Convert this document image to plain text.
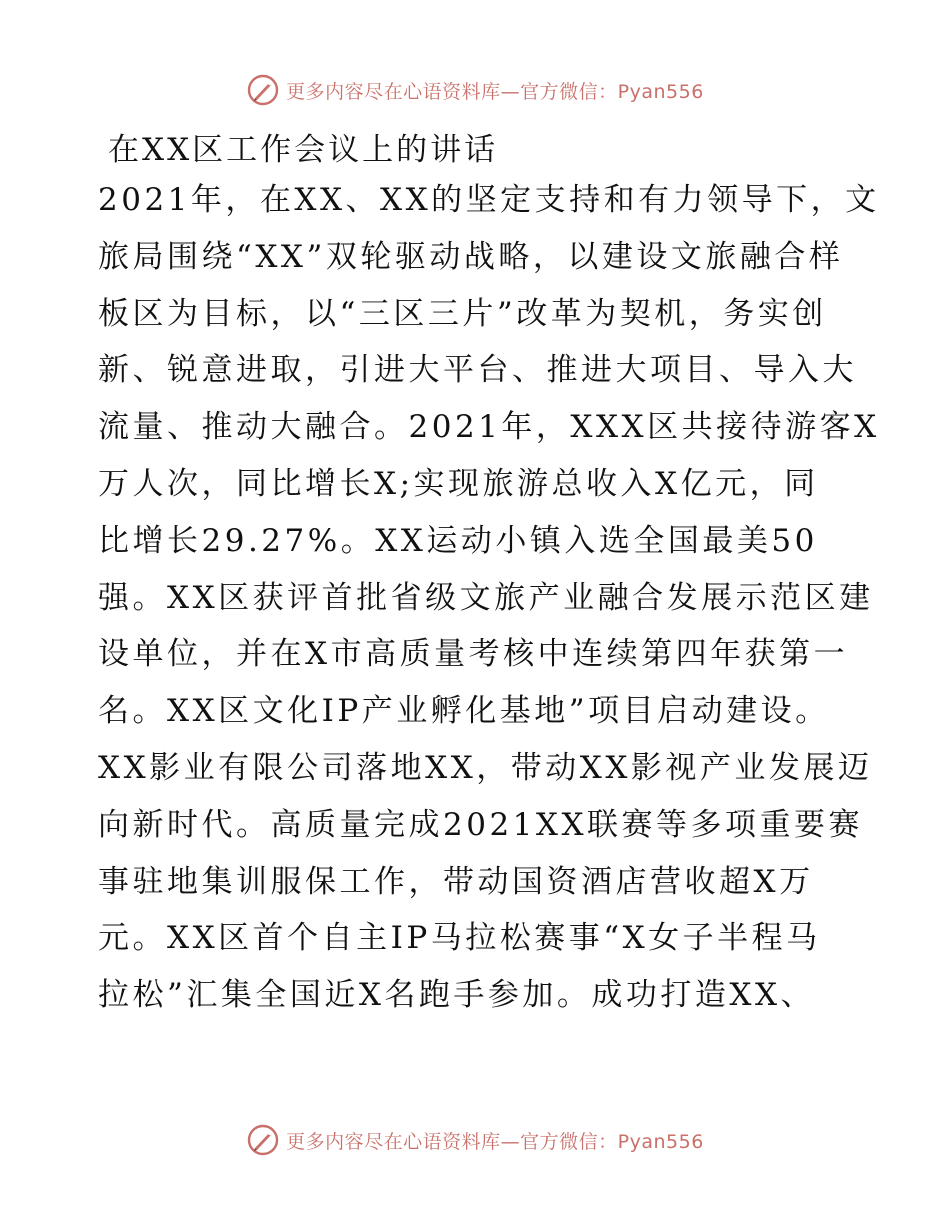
更多内容尽在心语资料库—官方微信：Pyan556
在XX区工作会议上的讲话
2021年，在XX、XX的坚定支持和有力领导下，文
旅局围绕“XX”双轮驱动战略，以建设文旅融合样
板区为目标，以“三区三片”改革为契机，务实创
新、锐意进取，引进大平台、推进大项目、导入大
流量、推动大融合。2021年，XXX区共接待游客X
万人次，同比增长X;实现旅游总收入X亿元，同
比增长29.27%。XX运动小镇入选全国最美50
强。XX区获评首批省级文旅产业融合发展示范区建
设单位，并在X市高质量考核中连续第四年获第一
名。XX区文化IP产业孵化基地”项目启动建设。
XX影业有限公司落地XX，带动XX影视产业发展迈
向新时代。高质量完成2021XX联赛等多项重要赛
事驻地集训服保工作，带动国资酒店营收超X万
元。XX区首个自主IP马拉松赛事“X女子半程马
拉松”汇集全国近X名跑手参加。成功打造XX、
更多内容尽在心语资料库—官方微信：Pyan556
